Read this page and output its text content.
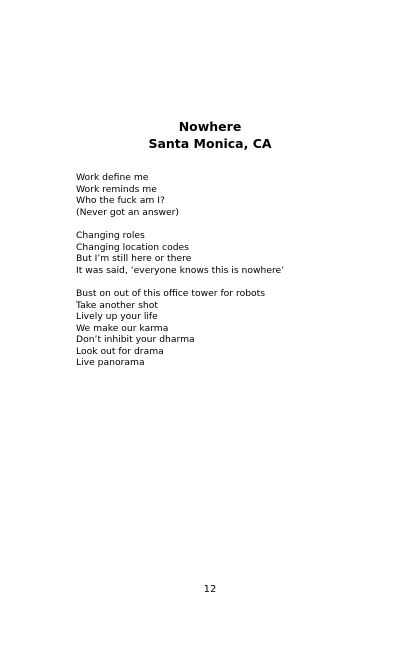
Nowhere
Santa Monica, CA
Work define me
Work reminds me
Who the fuck am I?
(Never got an answer)
Changing roles
Changing location codes
But I’m still here or there
It was said, ‘everyone knows this is nowhere’
Bust on out of this office tower for robots
Take another shot
Lively up your life
We make our karma
Don’t inhibit your dharma
Look out for drama
Live panorama
12
